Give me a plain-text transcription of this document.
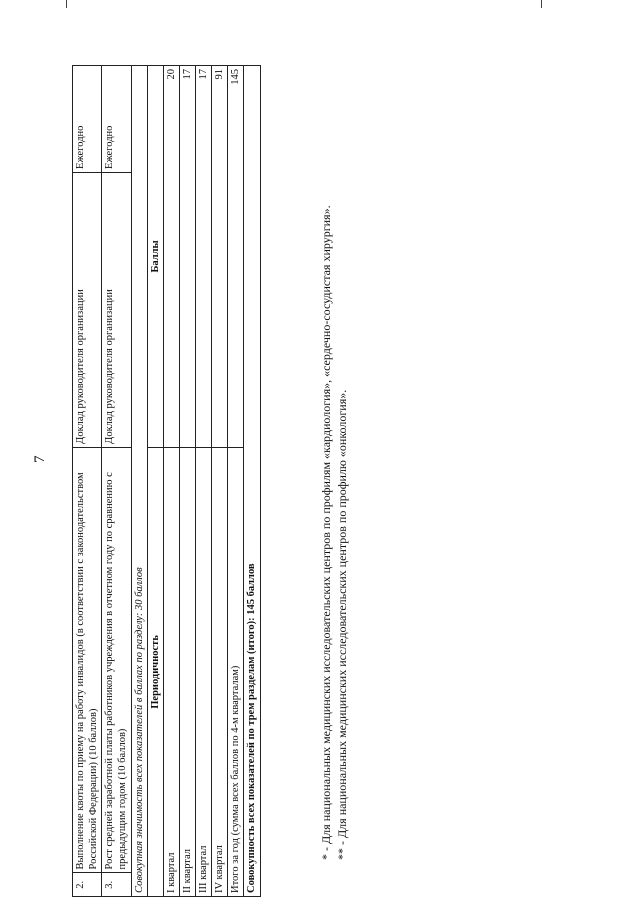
7
2.	Выполнение квоты по приему на работу инвалидов (в соответствии с законодательством Российской Федерации) (10 баллов)	Доклад руководителя организации	Ежегодно
3.	Рост средней заработной платы работников учреждения в отчетном году по сравнению с предыдущим годом (10 баллов)	Доклад руководителя организации	Ежегодно
Совокупная значимость всех показателей в баллах по разделу: 30 баллов			
Периодичность		Баллы	
I квартал		20	
II квартал		17	
III квартал		17	
IV квартал		91	
Итого за год (сумма всех баллов по 4-м кварталам)		145	
Совокупность всех показателей по трем разделам (итого): 145 баллов				* - Для национальных медицинских исследовательских центров по профилям «кардиология», «сердечно-сосудистая хирургия». ** - Для национальных медицинских исследовательских центров по профилю «онкология».
